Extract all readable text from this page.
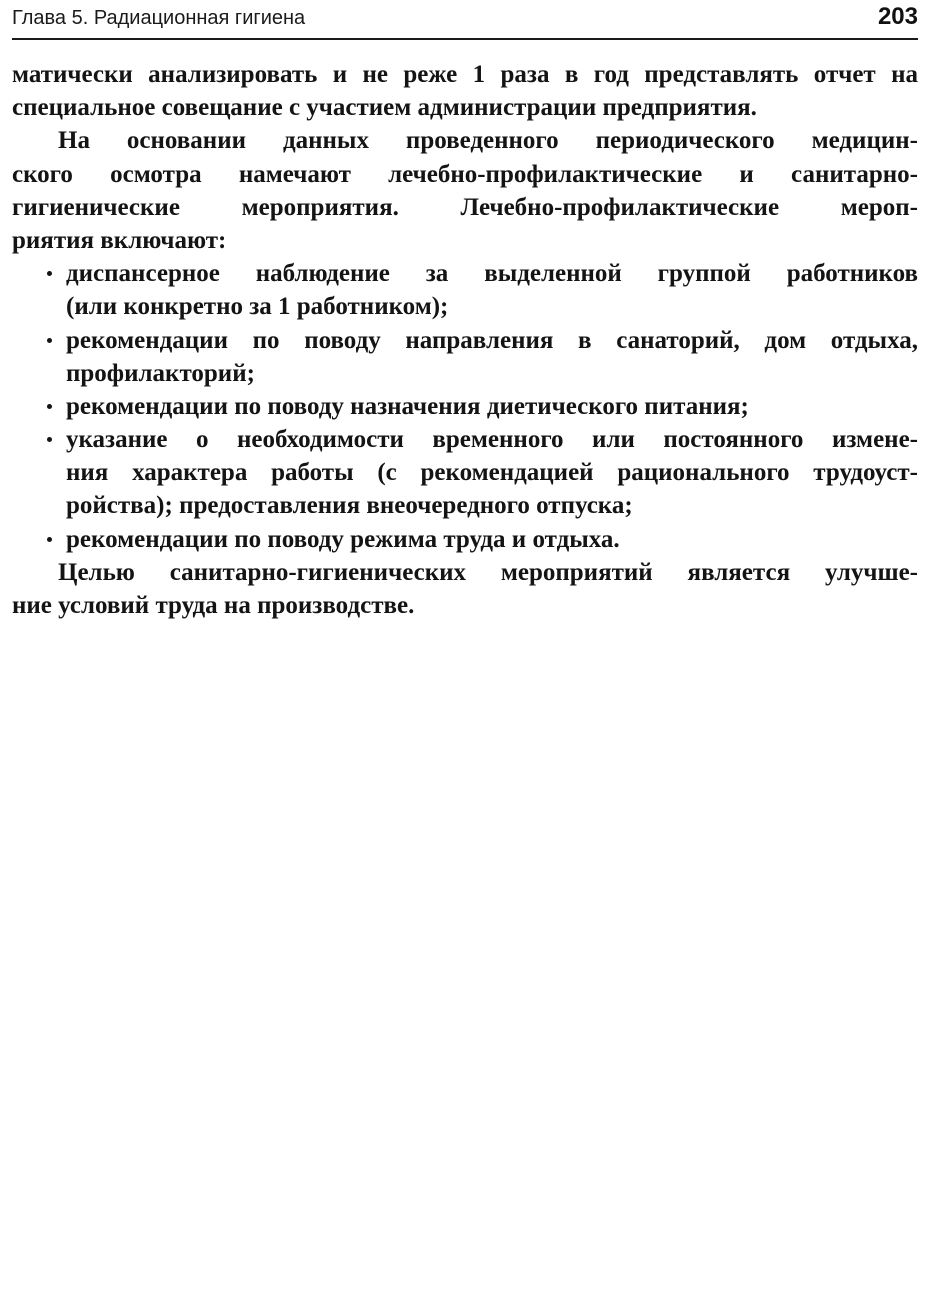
Глава 5. Радиационная гигиена	203
матически анализировать и не реже 1 раза в год представлять отчет на
специальное совещание с участием администрации предприятия.
На основании данных проведенного периодического медицин-
ского осмотра намечают лечебно-профилактические и санитарно-
гигиенические мероприятия. Лечебно-профилактические мероп-
риятия включают:
диспансерное наблюдение за выделенной группой работников
(или конкретно за 1 работником);
рекомендации по поводу направления в санаторий, дом отдыха,
профилакторий;
рекомендации по поводу назначения диетического питания;
указание о необходимости временного или постоянного измене-
ния характера работы (с рекомендацией рационального трудоуст-
ройства); предоставления внеочередного отпуска;
рекомендации по поводу режима труда и отдыха.
Целью санитарно-гигиенических мероприятий является улучше-
ние условий труда на производстве.
